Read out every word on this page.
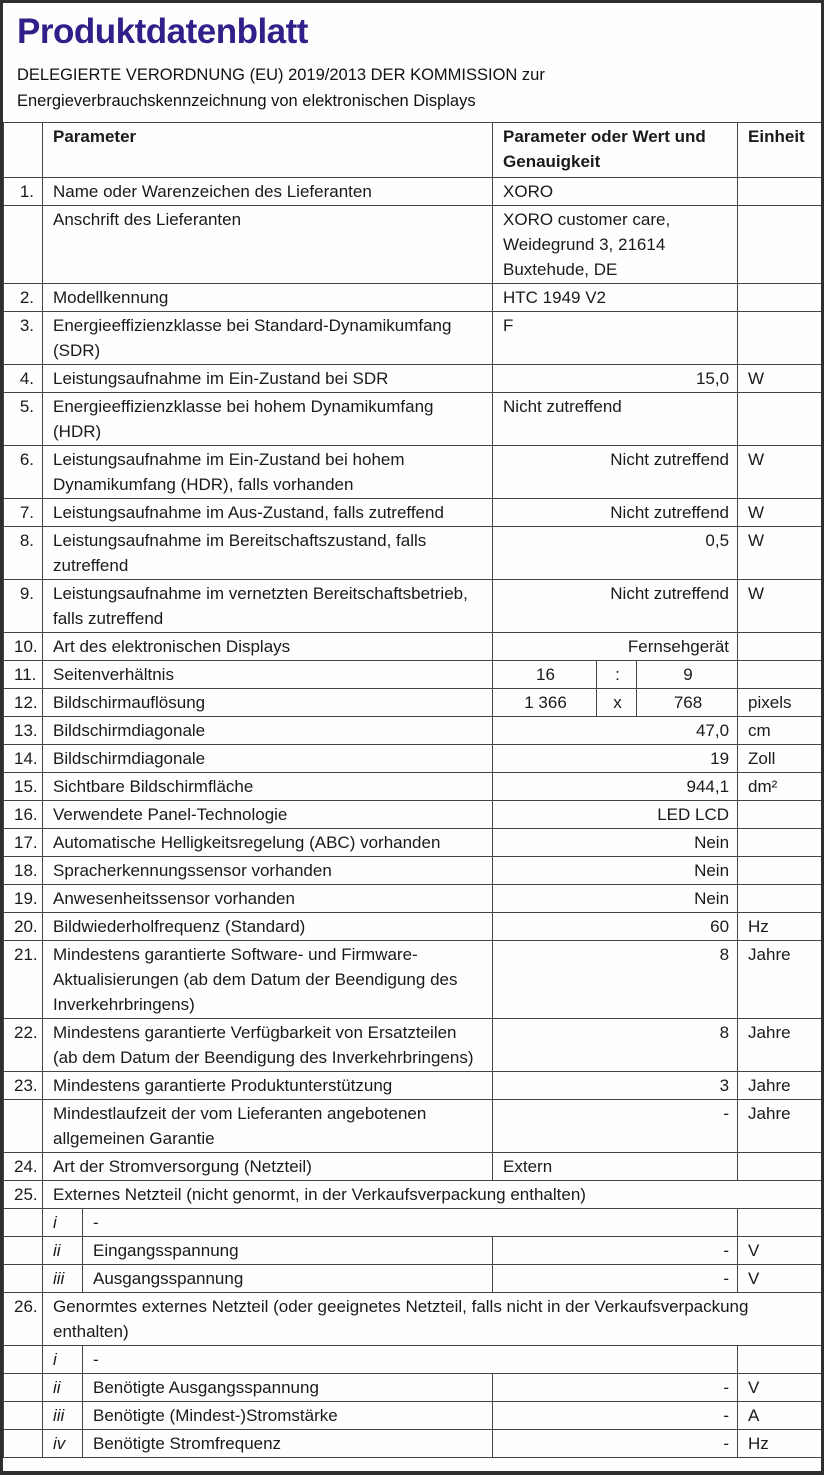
Produktdatenblatt

DELEGIERTE VERORDNUNG (EU) 2019/2013 DER KOMMISSION zur
Energieverbrauchskennzeichnung von elektronischen Displays

	Parameter		Parameter oder Wert und Genauigkeit			Einheit
1.	Name oder Warenzeichen des Lieferanten		XORO			
	Anschrift des Lieferanten		XORO customer care, Weidegrund 3, 21614 Buxtehude, DE			
2.	Modellkennung		HTC 1949 V2			
3.	Energieeffizienzklasse bei Standard-Dynamikumfang (SDR)		F			
4.	Leistungsaufnahme im Ein-Zustand bei SDR		15,0			W
5.	Energieeffizienzklasse bei hohem Dynamikumfang (HDR)		Nicht zutreffend			
6.	Leistungsaufnahme im Ein-Zustand bei hohem Dynamikumfang (HDR), falls vorhanden		Nicht zutreffend			W
7.	Leistungsaufnahme im Aus-Zustand, falls zutreffend		Nicht zutreffend			W
8.	Leistungsaufnahme im Bereitschaftszustand, falls zutreffend		0,5			W
9.	Leistungsaufnahme im vernetzten Bereitschaftsbetrieb, falls zutreffend		Nicht zutreffend			W
10.	Art des elektronischen Displays		Fernsehgerät			
11.	Seitenverhältnis		16	:	9	
12.	Bildschirmauflösung		1 366	x	768	pixels
13.	Bildschirmdiagonale		47,0			cm
14.	Bildschirmdiagonale		19			Zoll
15.	Sichtbare Bildschirmfläche		944,1			dm²
16.	Verwendete Panel-Technologie		LED LCD			
17.	Automatische Helligkeitsregelung (ABC) vorhanden		Nein			
18.	Spracherkennungssensor vorhanden		Nein			
19.	Anwesenheitssensor vorhanden		Nein			
20.	Bildwiederholfrequenz (Standard)		60			Hz
21.	Mindestens garantierte Software- und Firmware-Aktualisierungen (ab dem Datum der Beendigung des Inverkehrbringens)		8			Jahre
22.	Mindestens garantierte Verfügbarkeit von Ersatzteilen (ab dem Datum der Beendigung des Inverkehrbringens)		8			Jahre
23.	Mindestens garantierte Produktunterstützung		3			Jahre
	Mindestlaufzeit der vom Lieferanten angebotenen allgemeinen Garantie		-			Jahre
24.	Art der Stromversorgung (Netzteil)		Extern			
25.	Externes Netzteil (nicht genormt, in der Verkaufsverpackung enthalten)					
	i	-				
	ii	Eingangsspannung	-			V
	iii	Ausgangsspannung	-			V
26.	Genormtes externes Netzteil (oder geeignetes Netzteil, falls nicht in der Verkaufsverpackung enthalten)					
	i	-				
	ii	Benötigte Ausgangsspannung	-			V
	iii	Benötigte (Mindest-)Stromstärke	-			A
	iv	Benötigte Stromfrequenz	-			Hz
